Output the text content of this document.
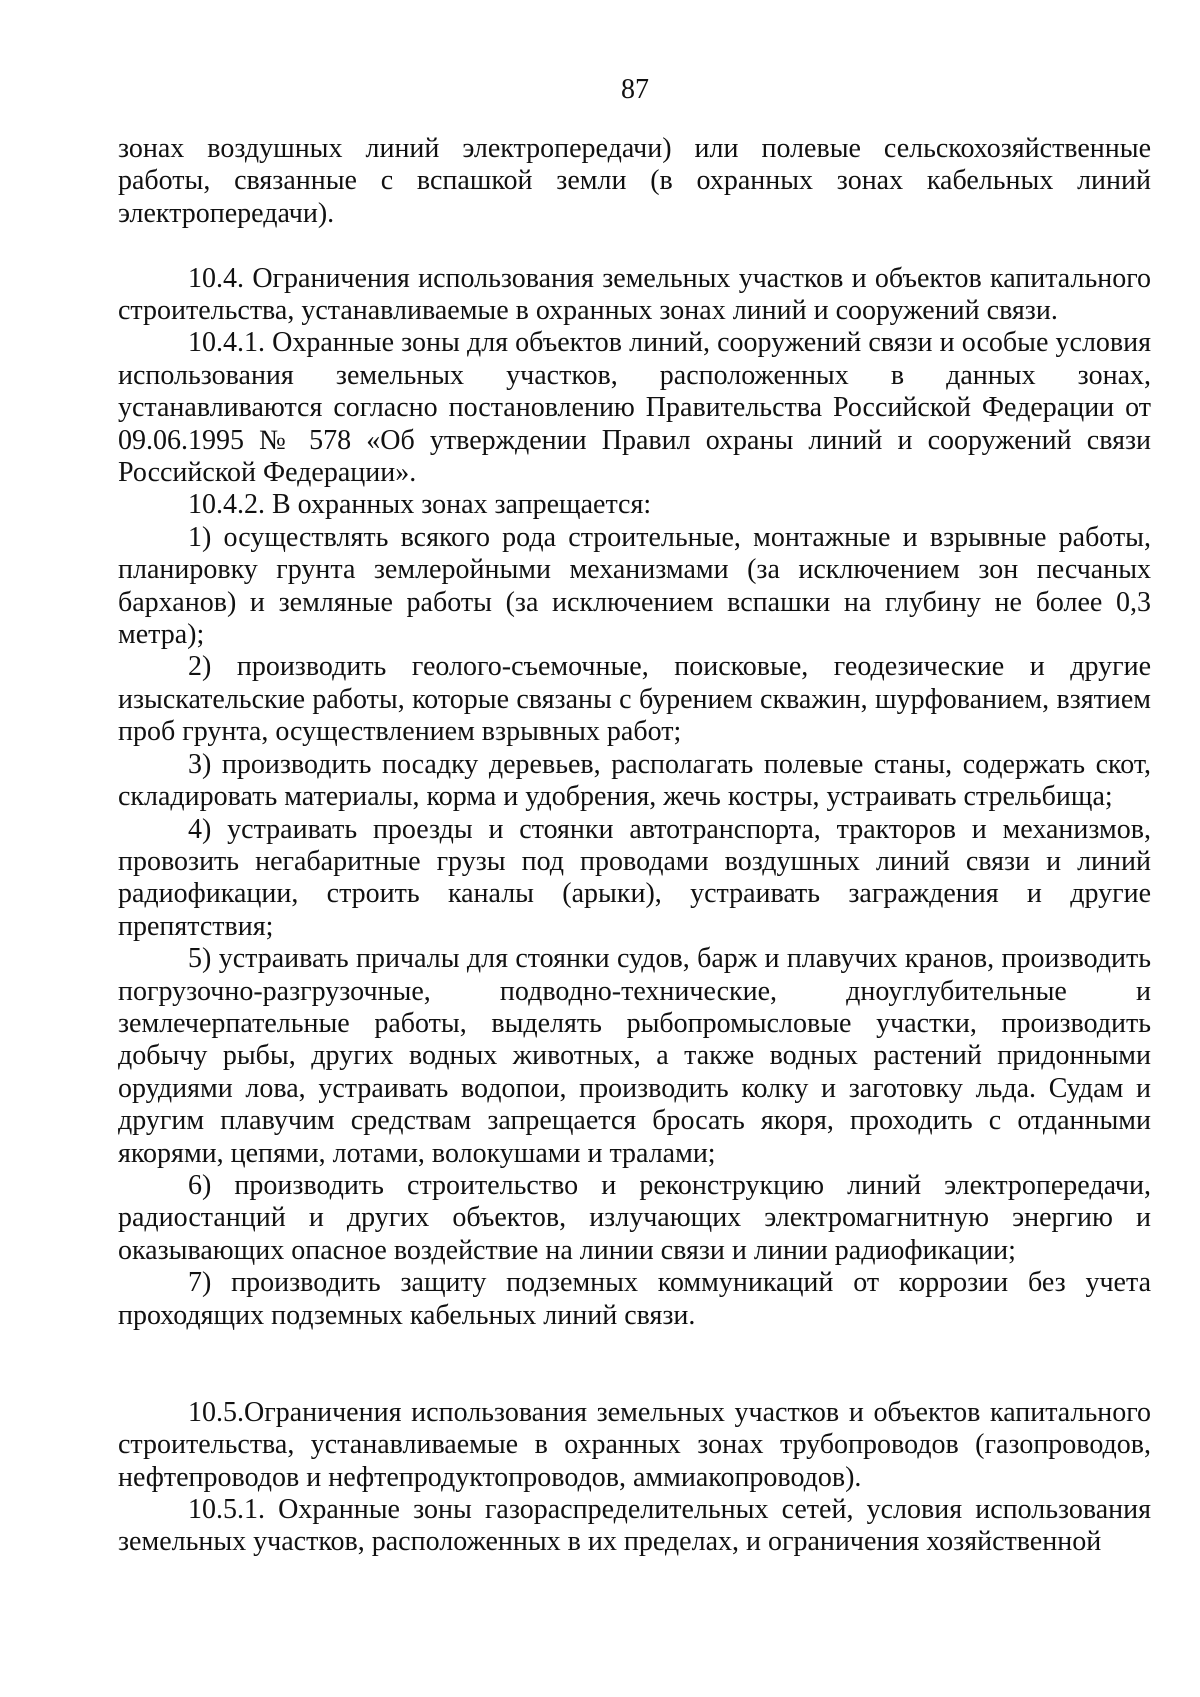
87

зонах воздушных линий электропередачи) или полевые сельскохозяйственные работы, связанные с вспашкой земли (в охранных зонах кабельных линий электропередачи).

10.4. Ограничения использования земельных участков и объектов капитального строительства, устанавливаемые в охранных зонах линий и сооружений связи.

10.4.1. Охранные зоны для объектов линий, сооружений связи и особые условия использования земельных участков, расположенных в данных зонах, устанавливаются согласно постановлению Правительства Российской Федерации от 09.06.1995 № 578 «Об утверждении Правил охраны линий и сооружений связи Российской Федерации».

10.4.2. В охранных зонах запрещается:

1) осуществлять всякого рода строительные, монтажные и взрывные работы, планировку грунта землеройными механизмами (за исключением зон песчаных барханов) и земляные работы (за исключением вспашки на глубину не более 0,3 метра);

2) производить геолого-съемочные, поисковые, геодезические и другие изыскательские работы, которые связаны с бурением скважин, шурфованием, взятием проб грунта, осуществлением взрывных работ;

3) производить посадку деревьев, располагать полевые станы, содержать скот, складировать материалы, корма и удобрения, жечь костры, устраивать стрельбища;

4) устраивать проезды и стоянки автотранспорта, тракторов и механизмов, провозить негабаритные грузы под проводами воздушных линий связи и линий радиофикации, строить каналы (арыки), устраивать заграждения и другие препятствия;

5) устраивать причалы для стоянки судов, барж и плавучих кранов, производить погрузочно-разгрузочные, подводно-технические, дноуглубительные и землечерпательные работы, выделять рыбопромысловые участки, производить добычу рыбы, других водных животных, а также водных растений придонными орудиями лова, устраивать водопои, производить колку и заготовку льда. Судам и другим плавучим средствам запрещается бросать якоря, проходить с отданными якорями, цепями, лотами, волокушами и тралами;

6) производить строительство и реконструкцию линий электропередачи, радиостанций и других объектов, излучающих электромагнитную энергию и оказывающих опасное воздействие на линии связи и линии радиофикации;

7) производить защиту подземных коммуникаций от коррозии без учета проходящих подземных кабельных линий связи.

10.5.Ограничения использования земельных участков и объектов капитального строительства, устанавливаемые в охранных зонах трубопроводов (газопроводов, нефтепроводов и нефтепродуктопроводов, аммиакопроводов).

10.5.1. Охранные зоны газораспределительных сетей, условия использования земельных участков, расположенных в их пределах, и ограничения хозяйственной
